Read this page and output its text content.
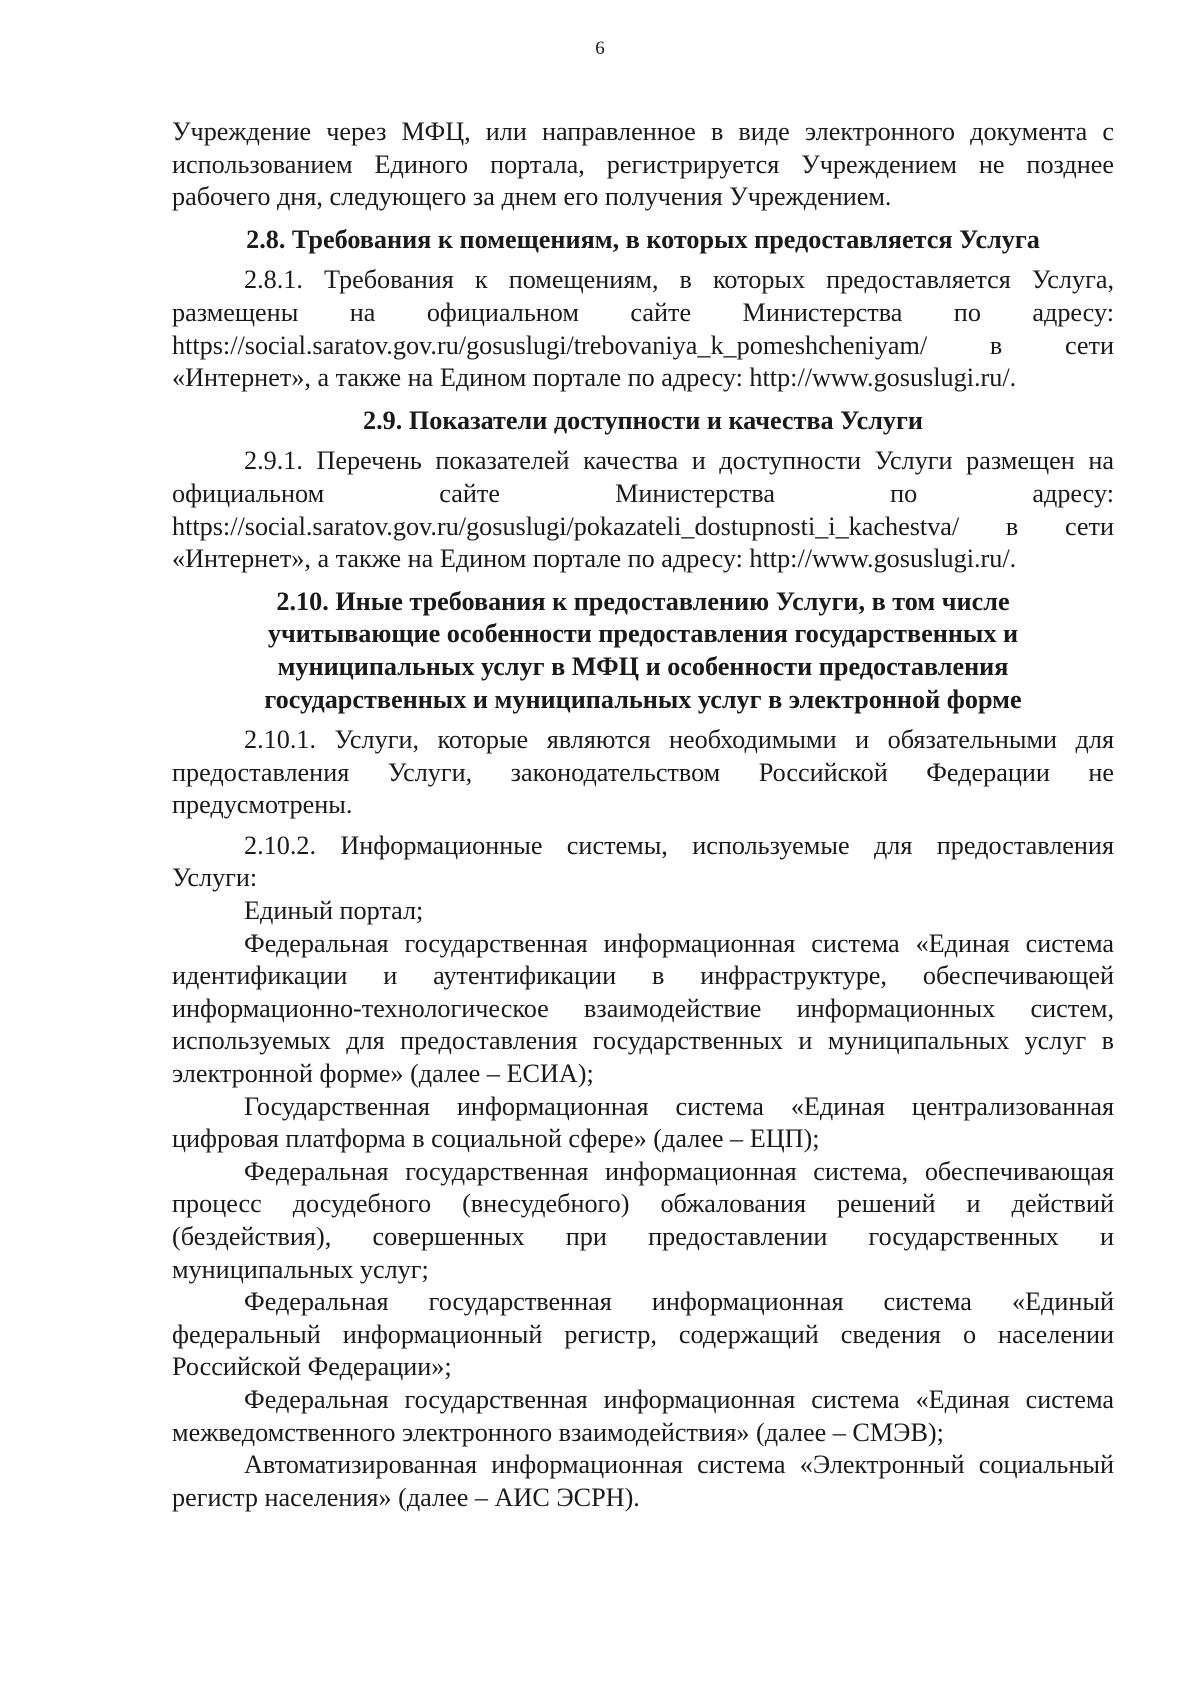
6

Учреждение через МФЦ, или направленное в виде электронного документа с использованием Единого портала, регистрируется Учреждением не позднее рабочего дня, следующего за днем его получения Учреждением.

2.8. Требования к помещениям, в которых предоставляется Услуга

2.8.1. Требования к помещениям, в которых предоставляется Услуга, размещены на официальном сайте Министерства по адресу: https://social.saratov.gov.ru/gosuslugi/trebovaniya_k_pomeshcheniyam/ в сети «Интернет», а также на Едином портале по адресу: http://www.gosuslugi.ru/.

2.9. Показатели доступности и качества Услуги

2.9.1. Перечень показателей качества и доступности Услуги размещен на официальном сайте Министерства по адресу: https://social.saratov.gov.ru/gosuslugi/pokazateli_dostupnosti_i_kachestva/ в сети «Интернет», а также на Едином портале по адресу: http://www.gosuslugi.ru/.

2.10. Иные требования к предоставлению Услуги, в том числе
учитывающие особенности предоставления государственных и
муниципальных услуг в МФЦ и особенности предоставления
государственных и муниципальных услуг в электронной форме

2.10.1. Услуги, которые являются необходимыми и обязательными для предоставления Услуги, законодательством Российской Федерации не предусмотрены.

2.10.2. Информационные системы, используемые для предоставления Услуги:

Единый портал;

Федеральная государственная информационная система «Единая система идентификации и аутентификации в инфраструктуре, обеспечивающей информационно-технологическое взаимодействие информационных систем, используемых для предоставления государственных и муниципальных услуг в электронной форме» (далее – ЕСИА);

Государственная информационная система «Единая централизованная цифровая платформа в социальной сфере» (далее – ЕЦП);

Федеральная государственная информационная система, обеспечивающая процесс досудебного (внесудебного) обжалования решений и действий (бездействия), совершенных при предоставлении государственных и муниципальных услуг;

Федеральная государственная информационная система «Единый федеральный информационный регистр, содержащий сведения о населении Российской Федерации»;

Федеральная государственная информационная система «Единая система межведомственного электронного взаимодействия» (далее – СМЭВ);

Автоматизированная информационная система «Электронный социальный регистр населения» (далее – АИС ЭСРН).
